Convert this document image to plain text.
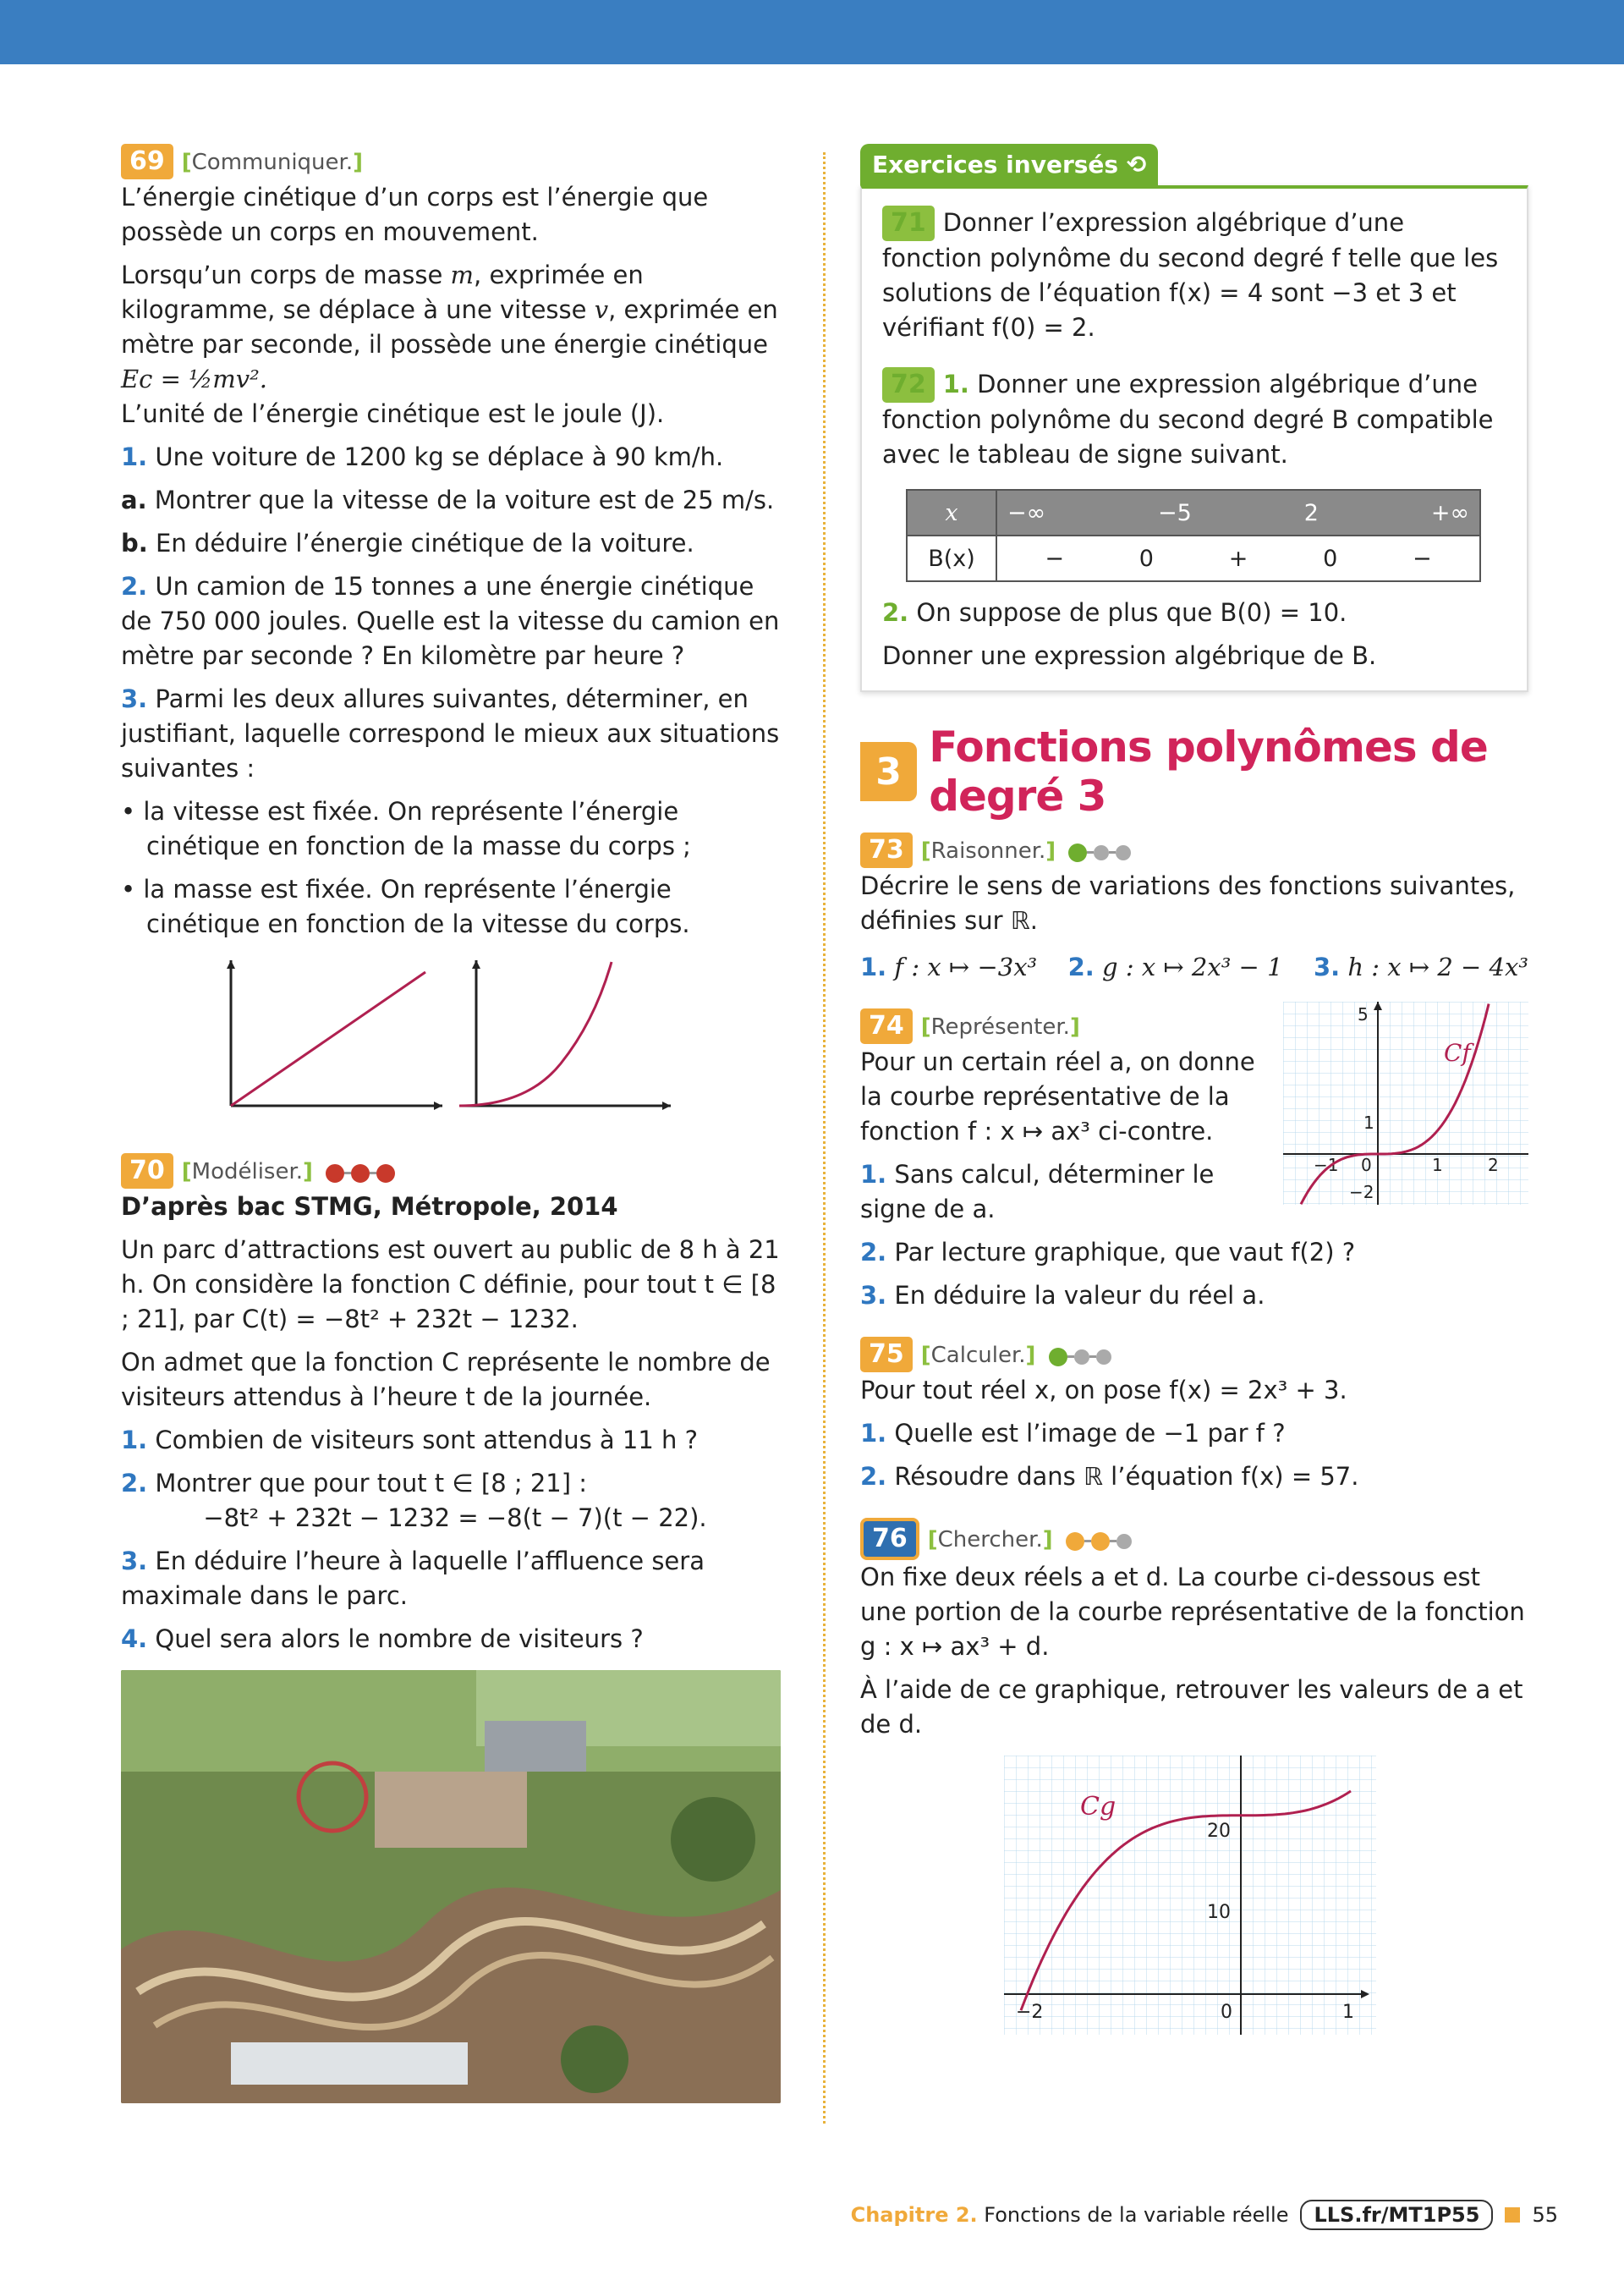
69 [Communiquer.]

L’énergie cinétique d’un corps est l’énergie que possède un corps en mouvement.

Lorsqu’un corps de masse m, exprimée en kilogramme, se déplace à une vitesse v, exprimée en mètre par seconde, il possède une énergie cinétique Ec = ½mv².

L’unité de l’énergie cinétique est le joule (J).

1. Une voiture de 1200 kg se déplace à 90 km/h.

a. Montrer que la vitesse de la voiture est de 25 m/s.

b. En déduire l’énergie cinétique de la voiture.

2. Un camion de 15 tonnes a une énergie cinétique de 750 000 joules. Quelle est la vitesse du camion en mètre par seconde ? En kilomètre par heure ?

3. Parmi les deux allures suivantes, déterminer, en justifiant, laquelle correspond le mieux aux situations suivantes :

• la vitesse est fixée. On représente l’énergie cinétique en fonction de la masse du corps ;

• la masse est fixée. On représente l’énergie cinétique en fonction de la vitesse du corps.

70 [Modéliser.]

D’après bac STMG, Métropole, 2014

Un parc d’attractions est ouvert au public de 8 h à 21 h. On considère la fonction C définie, pour tout t ∈ [8 ; 21], par C(t) = −8t² + 232t − 1232.

On admet que la fonction C représente le nombre de visiteurs attendus à l’heure t de la journée.

1. Combien de visiteurs sont attendus à 11 h ?

2. Montrer que pour tout t ∈ [8 ; 21] :

−8t² + 232t − 1232 = −8(t − 7)(t − 22).

3. En déduire l’heure à laquelle l’affluence sera maximale dans le parc.

4. Quel sera alors le nombre de visiteurs ?

Exercices inversés ⟲

71 Donner l’expression algébrique d’une fonction polynôme du second degré f telle que les solutions de l’équation f(x) = 4 sont −3 et 3 et vérifiant f(0) = 2.

72 1. Donner une expression algébrique d’une fonction polynôme du second degré B compatible avec le tableau de signe suivant.

x	−∞ −5 2 +∞

B(x)	− 0 + 0 −

2. On suppose de plus que B(0) = 10.

Donner une expression algébrique de B.

3 Fonctions polynômes de degré 3

73 [Raisonner.]

Décrire le sens de variations des fonctions suivantes, définies sur ℝ.

1. f : x ↦ −3x³ 2. g : x ↦ 2x³ − 1 3. h : x ↦ 2 − 4x³

5
1
−2
−1 0	1	2
Cf

74 [Représenter.]

Pour un certain réel a, on donne la courbe représentative de la fonction f : x ↦ ax³ ci-contre.

1. Sans calcul, déterminer le signe de a.

2. Par lecture graphique, que vaut f(2) ?

3. En déduire la valeur du réel a.

75 [Calculer.]

Pour tout réel x, on pose f(x) = 2x³ + 3.

1. Quelle est l’image de −1 par f ?

2. Résoudre dans ℝ l’équation f(x) = 57.

76 [Chercher.]

On fixe deux réels a et d. La courbe ci-dessous est une portion de la courbe représentative de la fonction g : x ↦ ax³ + d.

À l’aide de ce graphique, retrouver les valeurs de a et de d.

20
10
−2	0	1
Cg
Chapitre 2. Fonctions de la variable réelle	LLS.fr/MT1P55	55
